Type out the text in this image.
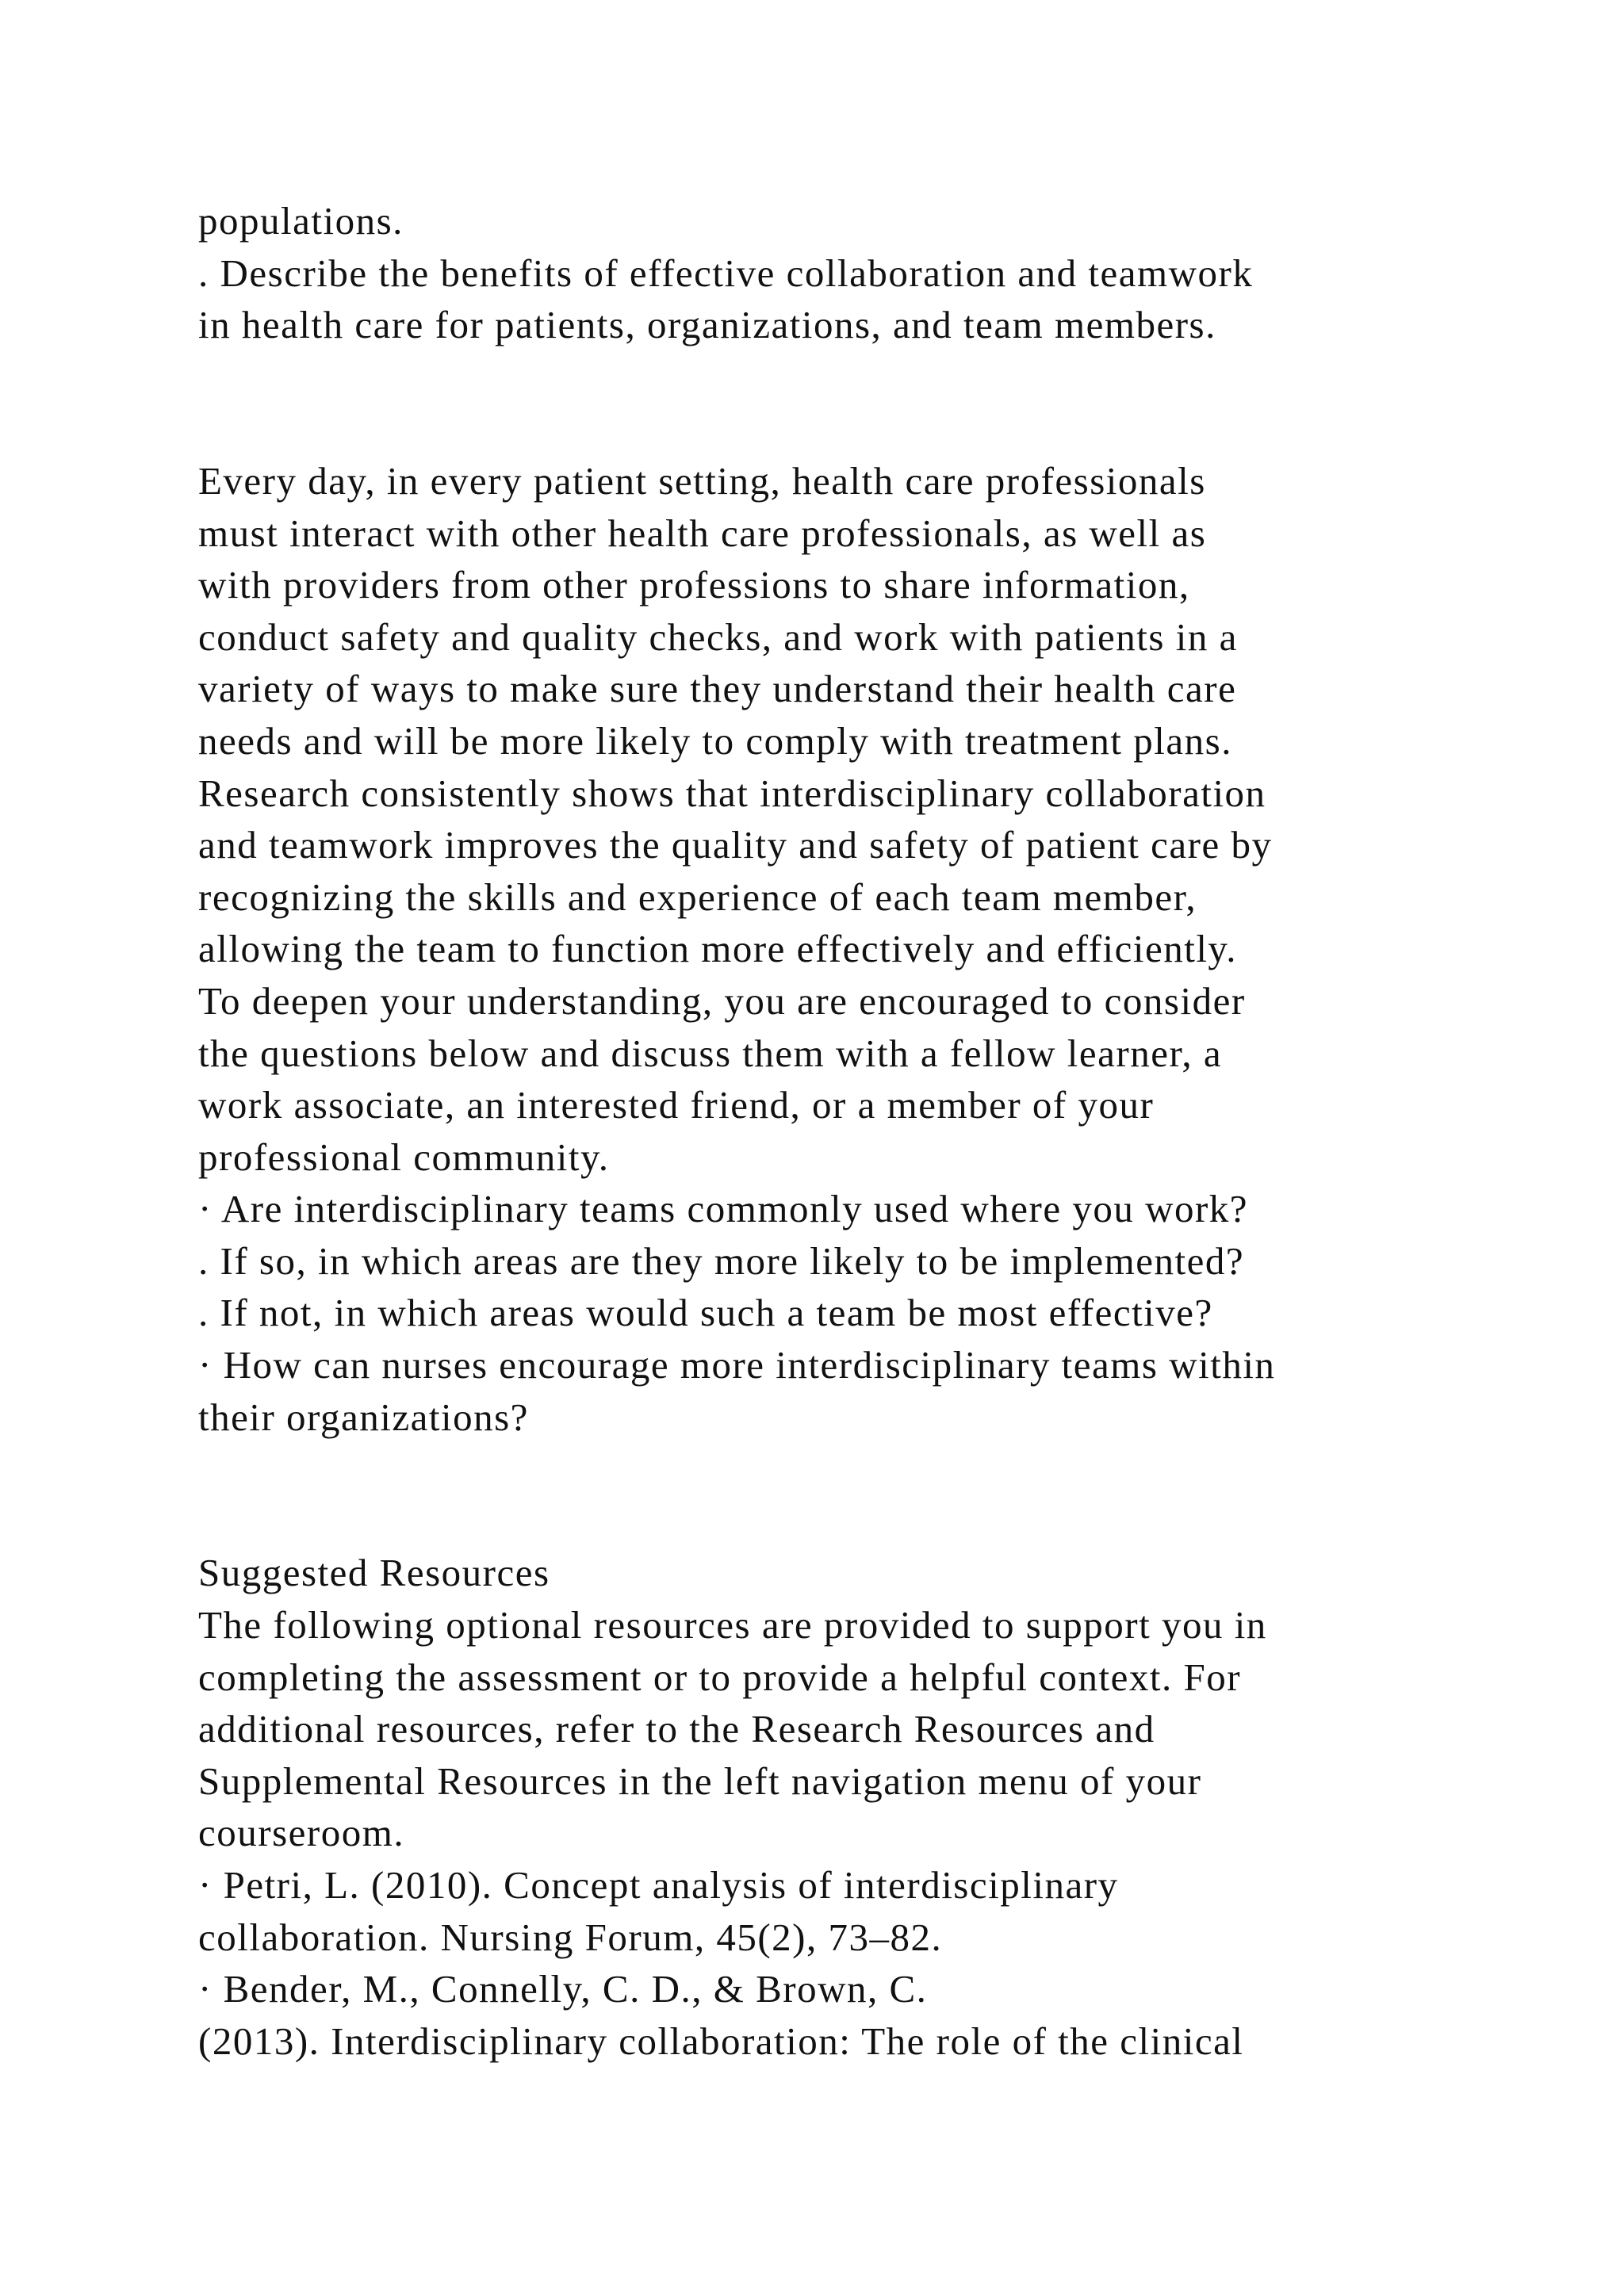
populations.
. Describe the benefits of effective collaboration and teamwork
in health care for patients, organizations, and team members.
Every day, in every patient setting, health care professionals
must interact with other health care professionals, as well as
with providers from other professions to share information,
conduct safety and quality checks, and work with patients in a
variety of ways to make sure they understand their health care
needs and will be more likely to comply with treatment plans.
Research consistently shows that interdisciplinary collaboration
and teamwork improves the quality and safety of patient care by
recognizing the skills and experience of each team member,
allowing the team to function more effectively and efficiently.
To deepen your understanding, you are encouraged to consider
the questions below and discuss them with a fellow learner, a
work associate, an interested friend, or a member of your
professional community.
· Are interdisciplinary teams commonly used where you work?
. If so, in which areas are they more likely to be implemented?
. If not, in which areas would such a team be most effective?
· How can nurses encourage more interdisciplinary teams within
their organizations?
Suggested Resources
The following optional resources are provided to support you in
completing the assessment or to provide a helpful context. For
additional resources, refer to the Research Resources and
Supplemental Resources in the left navigation menu of your
courseroom.
· Petri, L. (2010). Concept analysis of interdisciplinary
collaboration. Nursing Forum, 45(2), 73–82.
· Bender, M., Connelly, C. D., & Brown, C.
(2013). Interdisciplinary collaboration: The role of the clinical
